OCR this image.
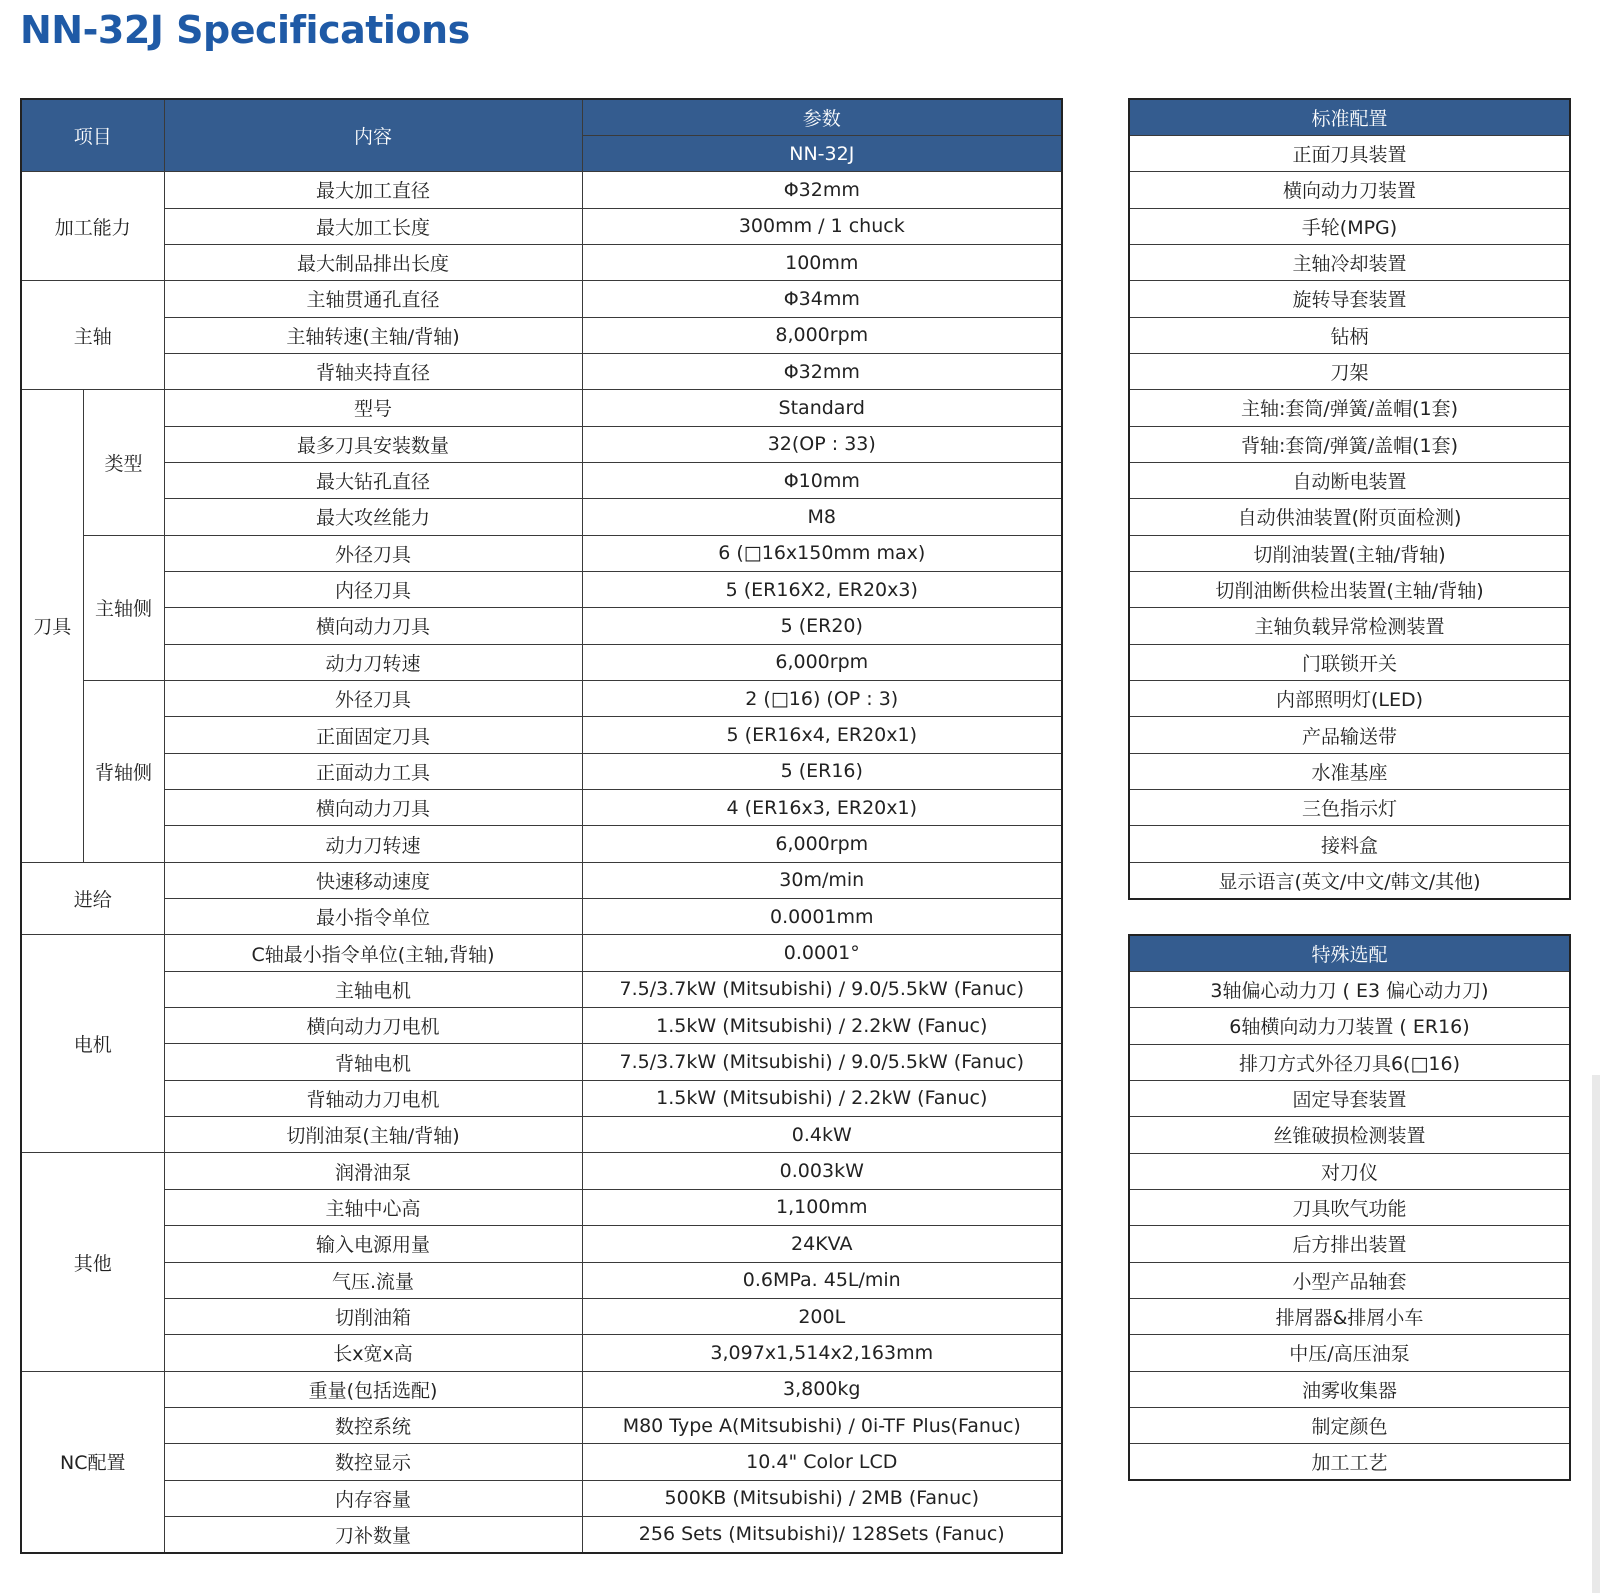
NN-32J Specifications
项目		内容	参数
			NN-32J
加工能力		最大加工直径	Φ32mm
		最大加工长度	300mm / 1 chuck
		最大制品排出长度	100mm
主轴		主轴贯通孔直径	Φ34mm
		主轴转速(主轴/背轴)	8,000rpm
		背轴夹持直径	Φ32mm
刀具	类型	型号	Standard
		最多刀具安装数量	32(OP : 33)
		最大钻孔直径	Φ10mm
		最大攻丝能力	M8
	主轴侧	外径刀具	6 (□16x150mm max)
		内径刀具	5 (ER16X2, ER20x3)
		横向动力刀具	5 (ER20)
		动力刀转速	6,000rpm
	背轴侧	外径刀具	2 (□16) (OP : 3)
		正面固定刀具	5 (ER16x4, ER20x1)
		正面动力工具	5 (ER16)
		横向动力刀具	4 (ER16x3, ER20x1)
		动力刀转速	6,000rpm
进给		快速移动速度	30m/min
		最小指令单位	0.0001mm
电机		C轴最小指令单位(主轴,背轴)	0.0001°
		主轴电机	7.5/3.7kW (Mitsubishi) / 9.0/5.5kW (Fanuc)
		横向动力刀电机	1.5kW (Mitsubishi) / 2.2kW (Fanuc)
		背轴电机	7.5/3.7kW (Mitsubishi) / 9.0/5.5kW (Fanuc)
		背轴动力刀电机	1.5kW (Mitsubishi) / 2.2kW (Fanuc)
		切削油泵(主轴/背轴)	0.4kW
其他		润滑油泵	0.003kW
		主轴中心高	1,100mm
		输入电源用量	24KVA
		气压.流量	0.6MPa. 45L/min
		切削油箱	200L
		长x宽x高	3,097x1,514x2,163mm
NC配置		重量(包括选配)	3,800kg
		数控系统	M80 Type A(Mitsubishi) / 0i-TF Plus(Fanuc)
		数控显示	10.4" Color LCD
		内存容量	500KB (Mitsubishi) / 2MB (Fanuc)
		刀补数量	256 Sets (Mitsubishi)/ 128Sets (Fanuc)
标准配置
正面刀具装置
横向动力刀装置
手轮(MPG)
主轴冷却装置
旋转导套装置
钻柄
刀架
主轴:套筒/弹簧/盖帽(1套)
背轴:套筒/弹簧/盖帽(1套)
自动断电装置
自动供油装置(附页面检测)
切削油装置(主轴/背轴)
切削油断供检出装置(主轴/背轴)
主轴负载异常检测装置
门联锁开关
内部照明灯(LED)
产品输送带
水准基座
三色指示灯
接料盒
显示语言(英文/中文/韩文/其他)
特殊选配
3轴偏心动力刀 ( E3 偏心动力刀)
6轴横向动力刀装置 ( ER16)
排刀方式外径刀具6(□16)
固定导套装置
丝锥破损检测装置
对刀仪
刀具吹气功能
后方排出装置
小型产品轴套
排屑器&排屑小车
中压/高压油泵
油雾收集器
制定颜色
加工工艺
